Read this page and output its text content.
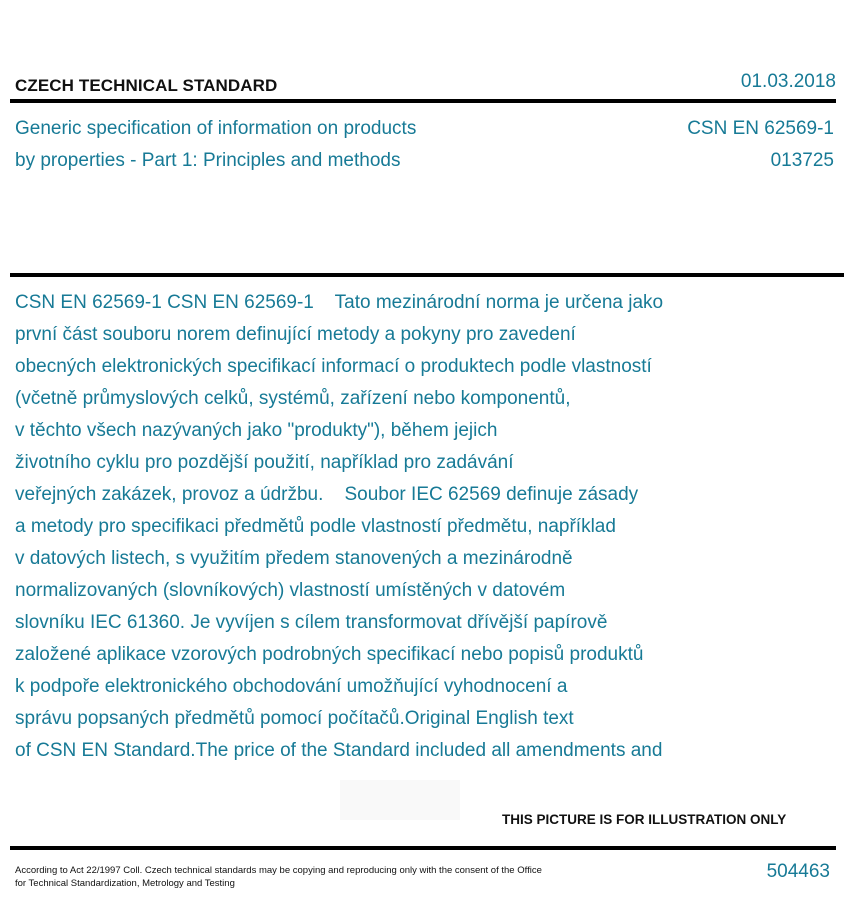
CZECH TECHNICAL STANDARD	01.03.2018
Generic specification of information on products
by properties - Part 1: Principles and methods
CSN EN 62569-1
013725
CSN EN 62569-1 CSN EN 62569-1    Tato mezinárodní norma je určena jako
první část souboru norem definující metody a pokyny pro zavedení
obecných elektronických specifikací informací o produktech podle vlastností
(včetně průmyslových celků, systémů, zařízení nebo komponentů,
v těchto všech nazývaných jako "produkty"), během jejich
životního cyklu pro pozdější použití, například pro zadávání
veřejných zakázek, provoz a údržbu.    Soubor IEC 62569 definuje zásady
a metody pro specifikaci předmětů podle vlastností předmětu, například
v datových listech, s využitím předem stanovených a mezinárodně
normalizovaných (slovníkových) vlastností umístěných v datovém
slovníku IEC 61360. Je vyvíjen s cílem transformovat dřívější papírově
založené aplikace vzorových podrobných specifikací nebo popisů produktů
k podpoře elektronického obchodování umožňující vyhodnocení a
správu popsaných předmětů pomocí počítačů.Original English text
of CSN EN Standard.The price of the Standard included all amendments and
THIS PICTURE IS FOR ILLUSTRATION ONLY
According to Act 22/1997 Coll. Czech technical standards may be copying and reproducing only with the consent of the Office
for Technical Standardization, Metrology and Testing
504463
